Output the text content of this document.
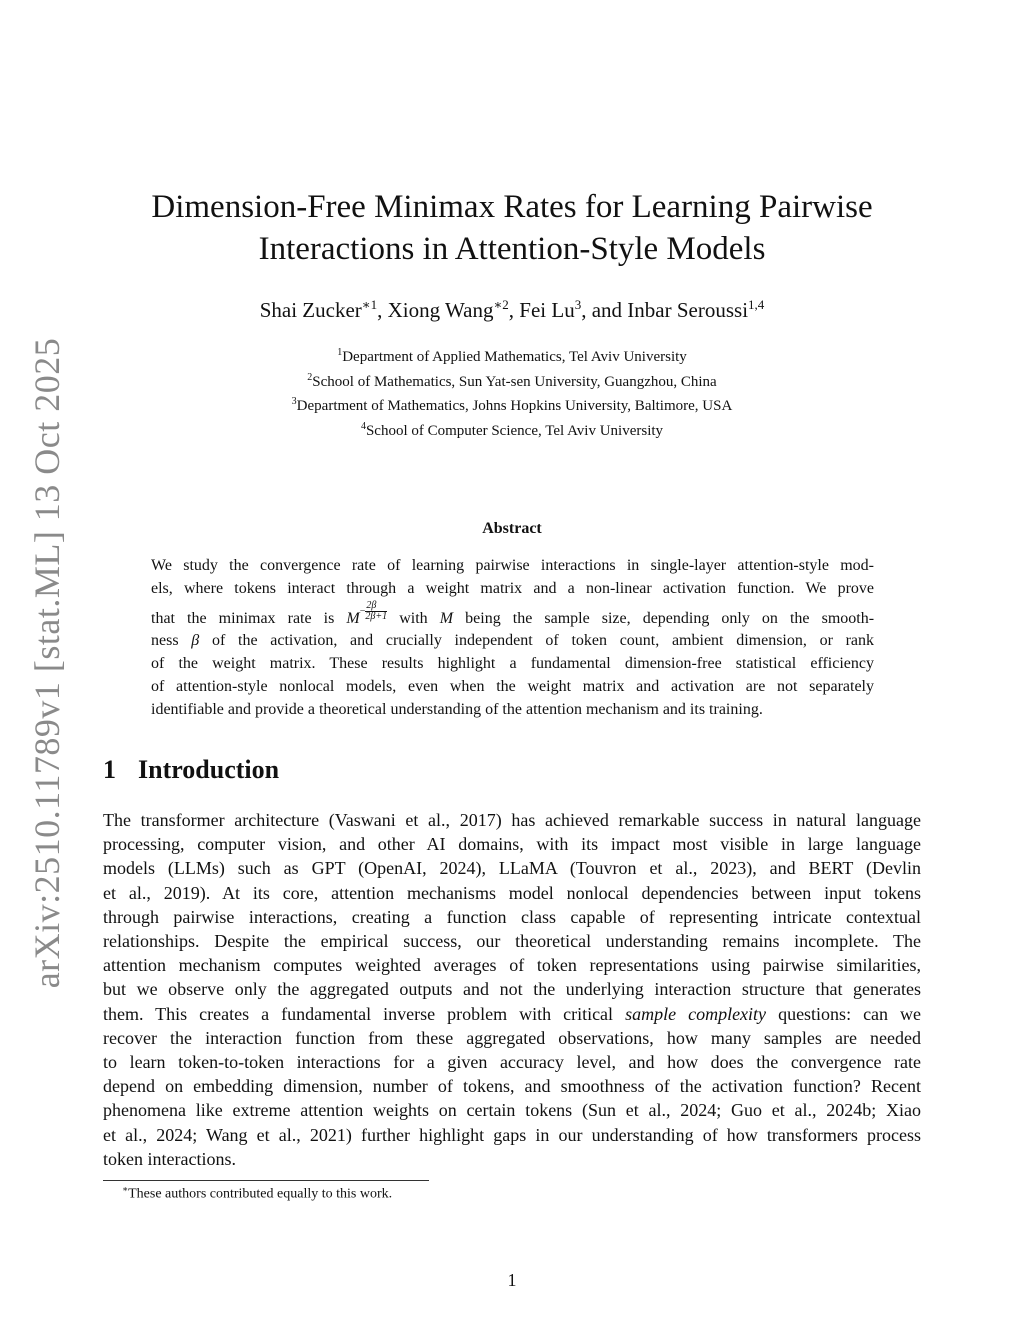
arXiv:2510.11789v1 [stat.ML] 13 Oct 2025
Dimension-Free Minimax Rates for Learning Pairwise
Interactions in Attention-Style Models
Shai Zucker$^{∗1}$, Xiong Wang$^{∗2}$, Fei Lu$^3$, and Inbar Seroussi$^{1,4}$
$^1$Department of Applied Mathematics, Tel Aviv University
$^2$School of Mathematics, Sun Yat-sen University, Guangzhou, China
$^3$Department of Mathematics, Johns Hopkins University, Baltimore, USA
$^4$School of Computer Science, Tel Aviv University
Abstract
We study the convergence rate of learning pairwise interactions in single-layer attention-style mod-
els, where tokens interact through a weight matrix and a non-linear activation function. We prove
that the minimax rate is $M- \frac{2\beta}{2\beta+1}$ with M being the sample size, depending only on the smooth-
ness β of the activation, and crucially independent of token count, ambient dimension, or rank
of the weight matrix. These results highlight a fundamental dimension-free statistical efficiency
of attention-style nonlocal models, even when the weight matrix and activation are not separately
identifiable and provide a theoretical understanding of the attention mechanism and its training.
1 Introduction
The transformer architecture (Vaswani et al., 2017) has achieved remarkable success in natural language
processing, computer vision, and other AI domains, with its impact most visible in large language
models (LLMs) such as GPT (OpenAI, 2024), LLaMA (Touvron et al., 2023), and BERT (Devlin
et al., 2019). At its core, attention mechanisms model nonlocal dependencies between input tokens
through pairwise interactions, creating a function class capable of representing intricate contextual
relationships. Despite the empirical success, our theoretical understanding remains incomplete. The
attention mechanism computes weighted averages of token representations using pairwise similarities,
but we observe only the aggregated outputs and not the underlying interaction structure that generates
them. This creates a fundamental inverse problem with critical sample complexity questions: can we
recover the interaction function from these aggregated observations, how many samples are needed
to learn token-to-token interactions for a given accuracy level, and how does the convergence rate
depend on embedding dimension, number of tokens, and smoothness of the activation function? Recent
phenomena like extreme attention weights on certain tokens (Sun et al., 2024; Guo et al., 2024b; Xiao
et al., 2024; Wang et al., 2021) further highlight gaps in our understanding of how transformers process
token interactions.
∗These authors contributed equally to this work.
1
